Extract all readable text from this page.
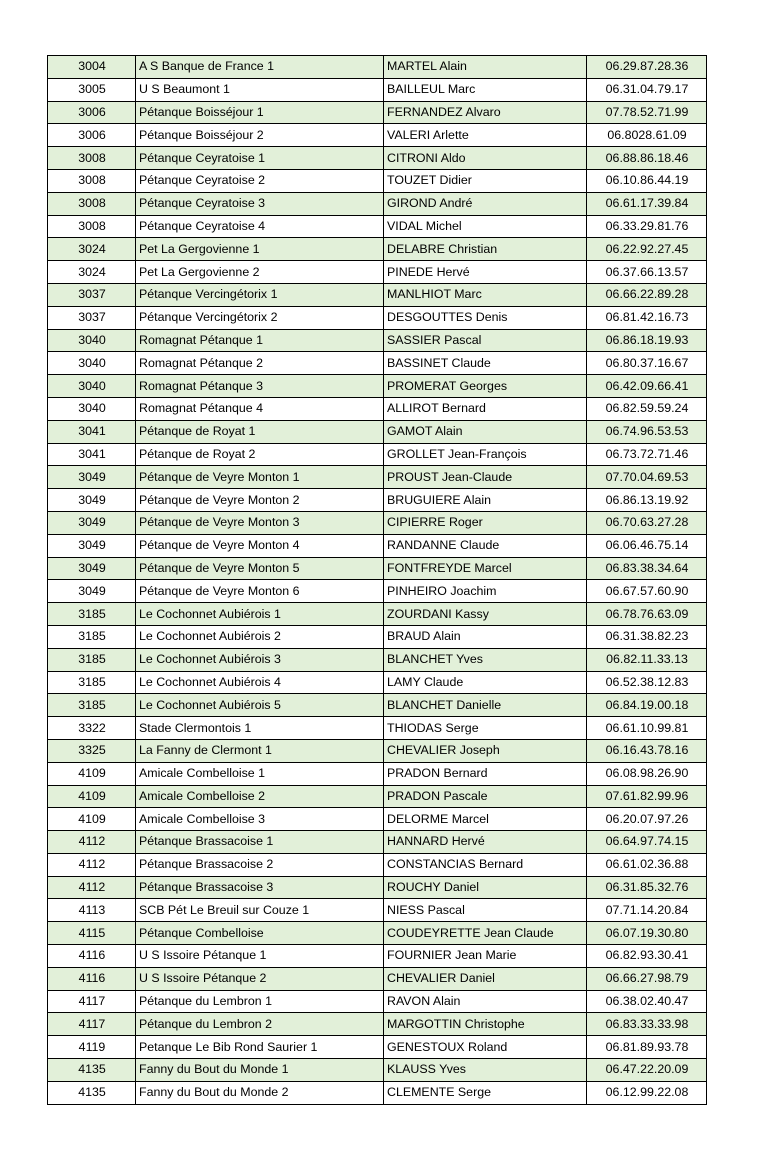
3004	A S Banque de France 1	MARTEL Alain	06.29.87.28.36
3005	U S Beaumont 1	BAILLEUL Marc	06.31.04.79.17
3006	Pétanque Boisséjour 1	FERNANDEZ Alvaro	07.78.52.71.99
3006	Pétanque Boisséjour 2	VALERI Arlette	06.8028.61.09
3008	Pétanque Ceyratoise 1	CITRONI Aldo	06.88.86.18.46
3008	Pétanque Ceyratoise 2	TOUZET Didier	06.10.86.44.19
3008	Pétanque Ceyratoise 3	GIROND André	06.61.17.39.84
3008	Pétanque Ceyratoise 4	VIDAL Michel	06.33.29.81.76
3024	Pet La Gergovienne 1	DELABRE Christian	06.22.92.27.45
3024	Pet La Gergovienne 2	PINEDE Hervé	06.37.66.13.57
3037	Pétanque Vercingétorix 1	MANLHIOT Marc	06.66.22.89.28
3037	Pétanque Vercingétorix 2	DESGOUTTES Denis	06.81.42.16.73
3040	Romagnat Pétanque 1	SASSIER Pascal	06.86.18.19.93
3040	Romagnat Pétanque 2	BASSINET Claude	06.80.37.16.67
3040	Romagnat Pétanque 3	PROMERAT Georges	06.42.09.66.41
3040	Romagnat Pétanque 4	ALLIROT Bernard	06.82.59.59.24
3041	Pétanque de Royat 1	GAMOT Alain	06.74.96.53.53
3041	Pétanque de Royat 2	GROLLET Jean-François	06.73.72.71.46
3049	Pétanque de Veyre Monton 1	PROUST Jean-Claude	07.70.04.69.53
3049	Pétanque de Veyre Monton 2	BRUGUIERE Alain	06.86.13.19.92
3049	Pétanque de Veyre Monton 3	CIPIERRE Roger	06.70.63.27.28
3049	Pétanque de Veyre Monton 4	RANDANNE Claude	06.06.46.75.14
3049	Pétanque de Veyre Monton 5	FONTFREYDE Marcel	06.83.38.34.64
3049	Pétanque de Veyre Monton 6	PINHEIRO Joachim	06.67.57.60.90
3185	Le Cochonnet Aubiérois 1	ZOURDANI Kassy	06.78.76.63.09
3185	Le Cochonnet Aubiérois 2	BRAUD Alain	06.31.38.82.23
3185	Le Cochonnet Aubiérois 3	BLANCHET Yves	06.82.11.33.13
3185	Le Cochonnet Aubiérois 4	LAMY Claude	06.52.38.12.83
3185	Le Cochonnet Aubiérois 5	BLANCHET Danielle	06.84.19.00.18
3322	Stade Clermontois 1	THIODAS Serge	06.61.10.99.81
3325	La Fanny de Clermont 1	CHEVALIER Joseph	06.16.43.78.16
4109	Amicale Combelloise 1	PRADON Bernard	06.08.98.26.90
4109	Amicale Combelloise 2	PRADON Pascale	07.61.82.99.96
4109	Amicale Combelloise 3	DELORME Marcel	06.20.07.97.26
4112	Pétanque Brassacoise 1	HANNARD Hervé	06.64.97.74.15
4112	Pétanque Brassacoise 2	CONSTANCIAS Bernard	06.61.02.36.88
4112	Pétanque Brassacoise 3	ROUCHY Daniel	06.31.85.32.76
4113	SCB Pét Le Breuil sur Couze 1	NIESS Pascal	07.71.14.20.84
4115	Pétanque Combelloise	COUDEYRETTE Jean Claude	06.07.19.30.80
4116	U S Issoire Pétanque 1	FOURNIER Jean Marie	06.82.93.30.41
4116	U S Issoire Pétanque 2	CHEVALIER Daniel	06.66.27.98.79
4117	Pétanque du Lembron 1	RAVON Alain	06.38.02.40.47
4117	Pétanque du Lembron 2	MARGOTTIN Christophe	06.83.33.33.98
4119	Petanque Le Bib Rond Saurier 1	GENESTOUX Roland	06.81.89.93.78
4135	Fanny du Bout du Monde 1	KLAUSS Yves	06.47.22.20.09
4135	Fanny du Bout du Monde 2	CLEMENTE Serge	06.12.99.22.08
